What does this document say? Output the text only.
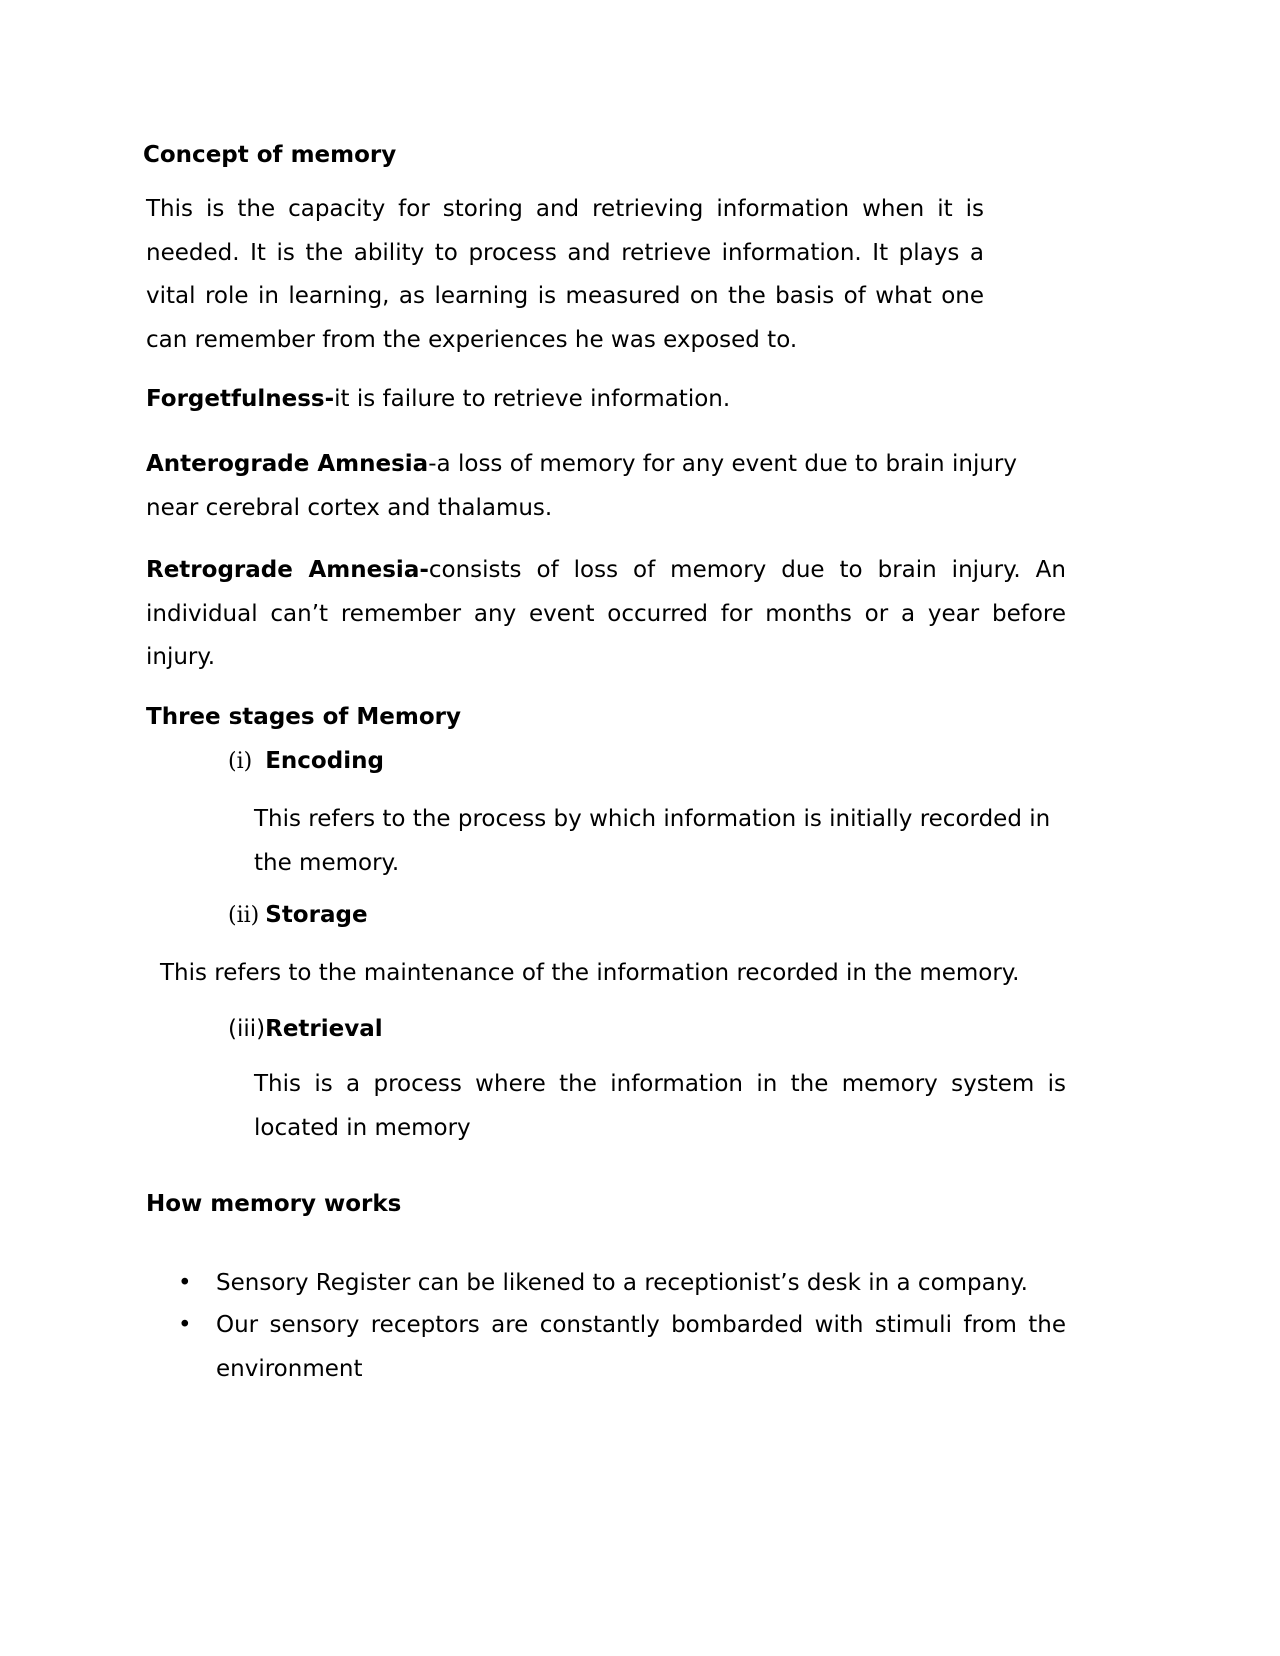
Concept of memory

This is the capacity for storing and retrieving information when it is needed. It is the ability to process and retrieve information. It plays a vital role in learning, as learning is measured on the basis of what one can remember from the experiences he was exposed to.

Forgetfulness-it is failure to retrieve information.

Anterograde Amnesia-a loss of memory for any event due to brain injury near cerebral cortex and thalamus.

Retrograde Amnesia-consists of loss of memory due to brain injury. An individual can’t remember any event occurred for months or a year before injury.

Three stages of Memory
(i) Encoding

This refers to the process by which information is initially recorded in the memory.

(ii) Storage

This refers to the maintenance of the information recorded in the memory.

(iii)Retrieval

This is a process where the information in the memory system is located in memory

How memory works
• Sensory Register can be likened to a receptionist’s desk in a company.
• Our sensory receptors are constantly bombarded with stimuli from the environment
